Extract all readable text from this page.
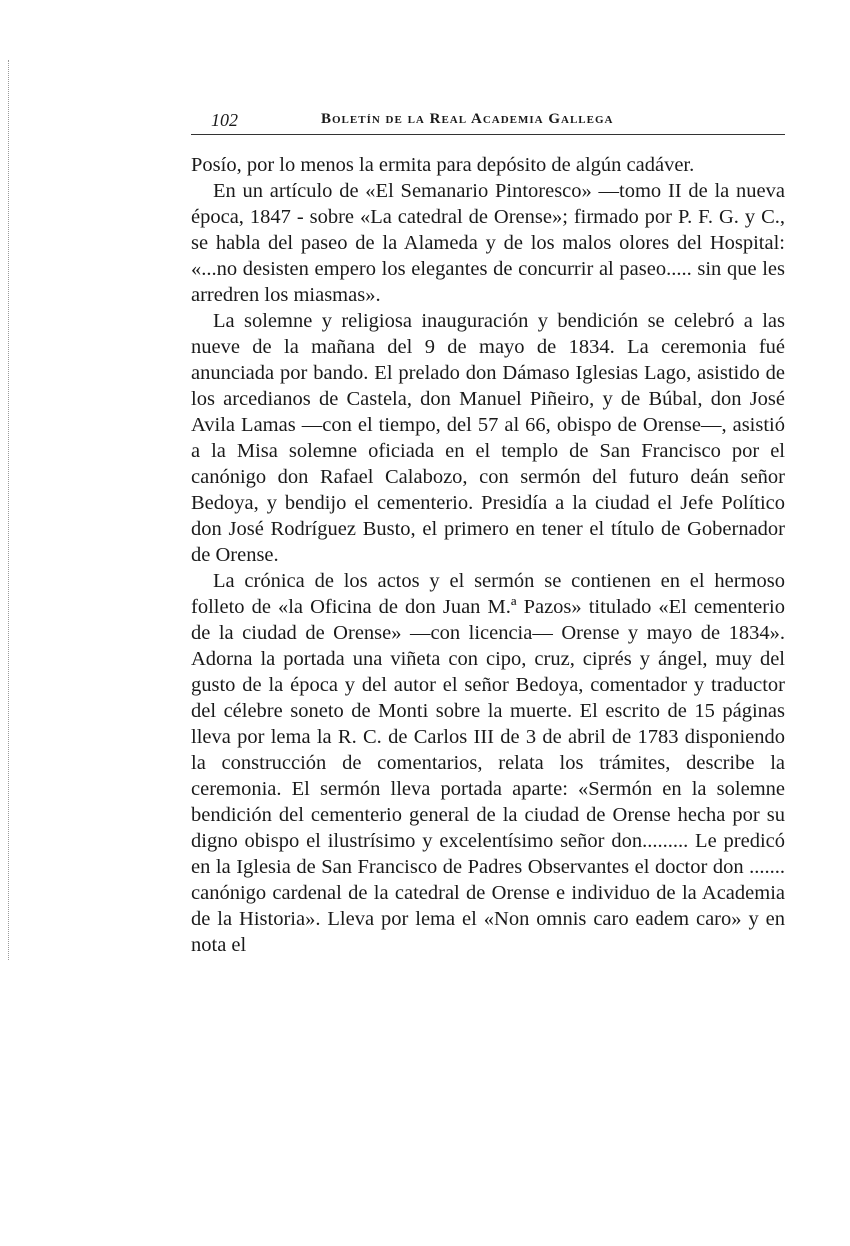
102	Boletín de la Real Academia Gallega

Posío, por lo menos la ermita para depósito de algún cadáver.

En un artículo de «El Semanario Pintoresco» —tomo II de la nueva época, 1847 - sobre «La catedral de Orense»; firmado por P. F. G. y C., se habla del paseo de la Alameda y de los malos olores del Hospital: «...no desisten empero los elegantes de concurrir al paseo..... sin que les arredren los miasmas».

La solemne y religiosa inauguración y bendición se celebró a las nueve de la mañana del 9 de mayo de 1834. La ceremonia fué anunciada por bando. El prelado don Dámaso Iglesias Lago, asistido de los arcedianos de Castela, don Manuel Piñeiro, y de Búbal, don José Avila Lamas —con el tiempo, del 57 al 66, obispo de Orense—, asistió a la Misa solemne oficiada en el templo de San Francisco por el canónigo don Rafael Calabozo, con sermón del futuro deán señor Bedoya, y bendijo el cementerio. Presidía a la ciudad el Jefe Político don José Rodríguez Busto, el primero en tener el título de Gobernador de Orense.

La crónica de los actos y el sermón se contienen en el hermoso folleto de «la Oficina de don Juan M.ª Pazos» titulado «El cementerio de la ciudad de Orense» —con licencia— Orense y mayo de 1834». Adorna la portada una viñeta con cipo, cruz, ciprés y ángel, muy del gusto de la época y del autor el señor Bedoya, comentador y traductor del célebre soneto de Monti sobre la muerte. El escrito de 15 páginas lleva por lema la R. C. de Carlos III de 3 de abril de 1783 disponiendo la construcción de comentarios, relata los trámites, describe la ceremonia. El sermón lleva portada aparte: «Sermón en la solemne bendición del cementerio general de la ciudad de Orense hecha por su digno obispo el ilustrísimo y excelentísimo señor don......... Le predicó en la Iglesia de San Francisco de Padres Observantes el doctor don ....... canónigo cardenal de la catedral de Orense e individuo de la Academia de la Historia». Lleva por lema el «Non omnis caro eadem caro» y en nota el
